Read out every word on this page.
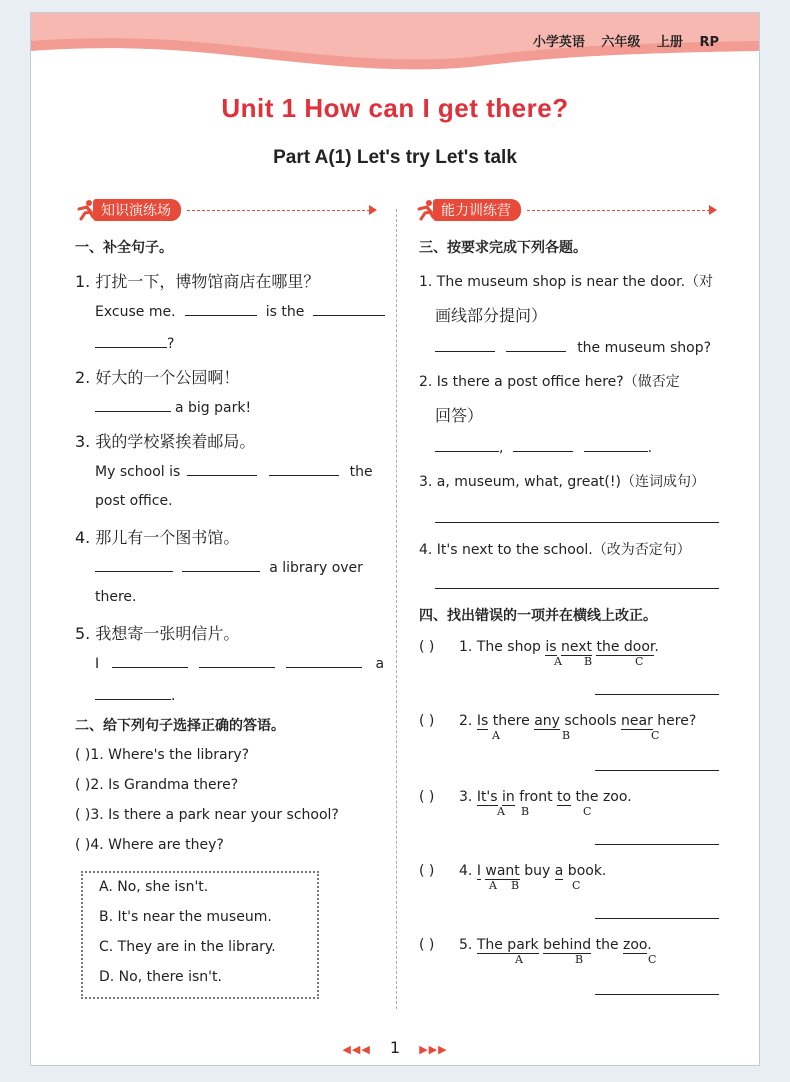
小学英语 六年级 上册 RP
Unit 1 How can I get there?
Part A(1) Let's try Let's talk
知识演练场	能力训练营
一、补全句子。
1. 打扰一下，博物馆商店在哪里？
Excuse me.	is the
?
2. 好大的一个公园啊！
a big park!
3. 我的学校紧挨着邮局。
My school is	the
post office.
4. 那儿有一个图书馆。
a library over
there.
5. 我想寄一张明信片。
I	a
.
二、给下列句子选择正确的答语。
( )1. Where's the library?
( )2. Is Grandma there?
( )3. Is there a park near your school?
( )4. Where are they?
A. No, she isn't.
B. It's near the museum.
C. They are in the library.
D. No, there isn't.
三、按要求完成下列各题。
1. The museum shop is near the door.（对
画线部分提问）
the museum shop?
2. Is there a post office here?（做否定
回答）
,	.
3. a, museum, what, great(!)（连词成句）
4. It's next to the school.（改为否定句）
四、找出错误的一项并在横线上改正。
( ) 1. The shop is next the door.
A B	C
( ) 2. Is there any schools near here?
A	B	C
( ) 3. It's in front to the zoo.
A B	C
( ) 4. I want buy a book.
A B	C
( ) 5. The park behind the zoo.
A	B	C
◀◀◀ 1 ▶▶▶
